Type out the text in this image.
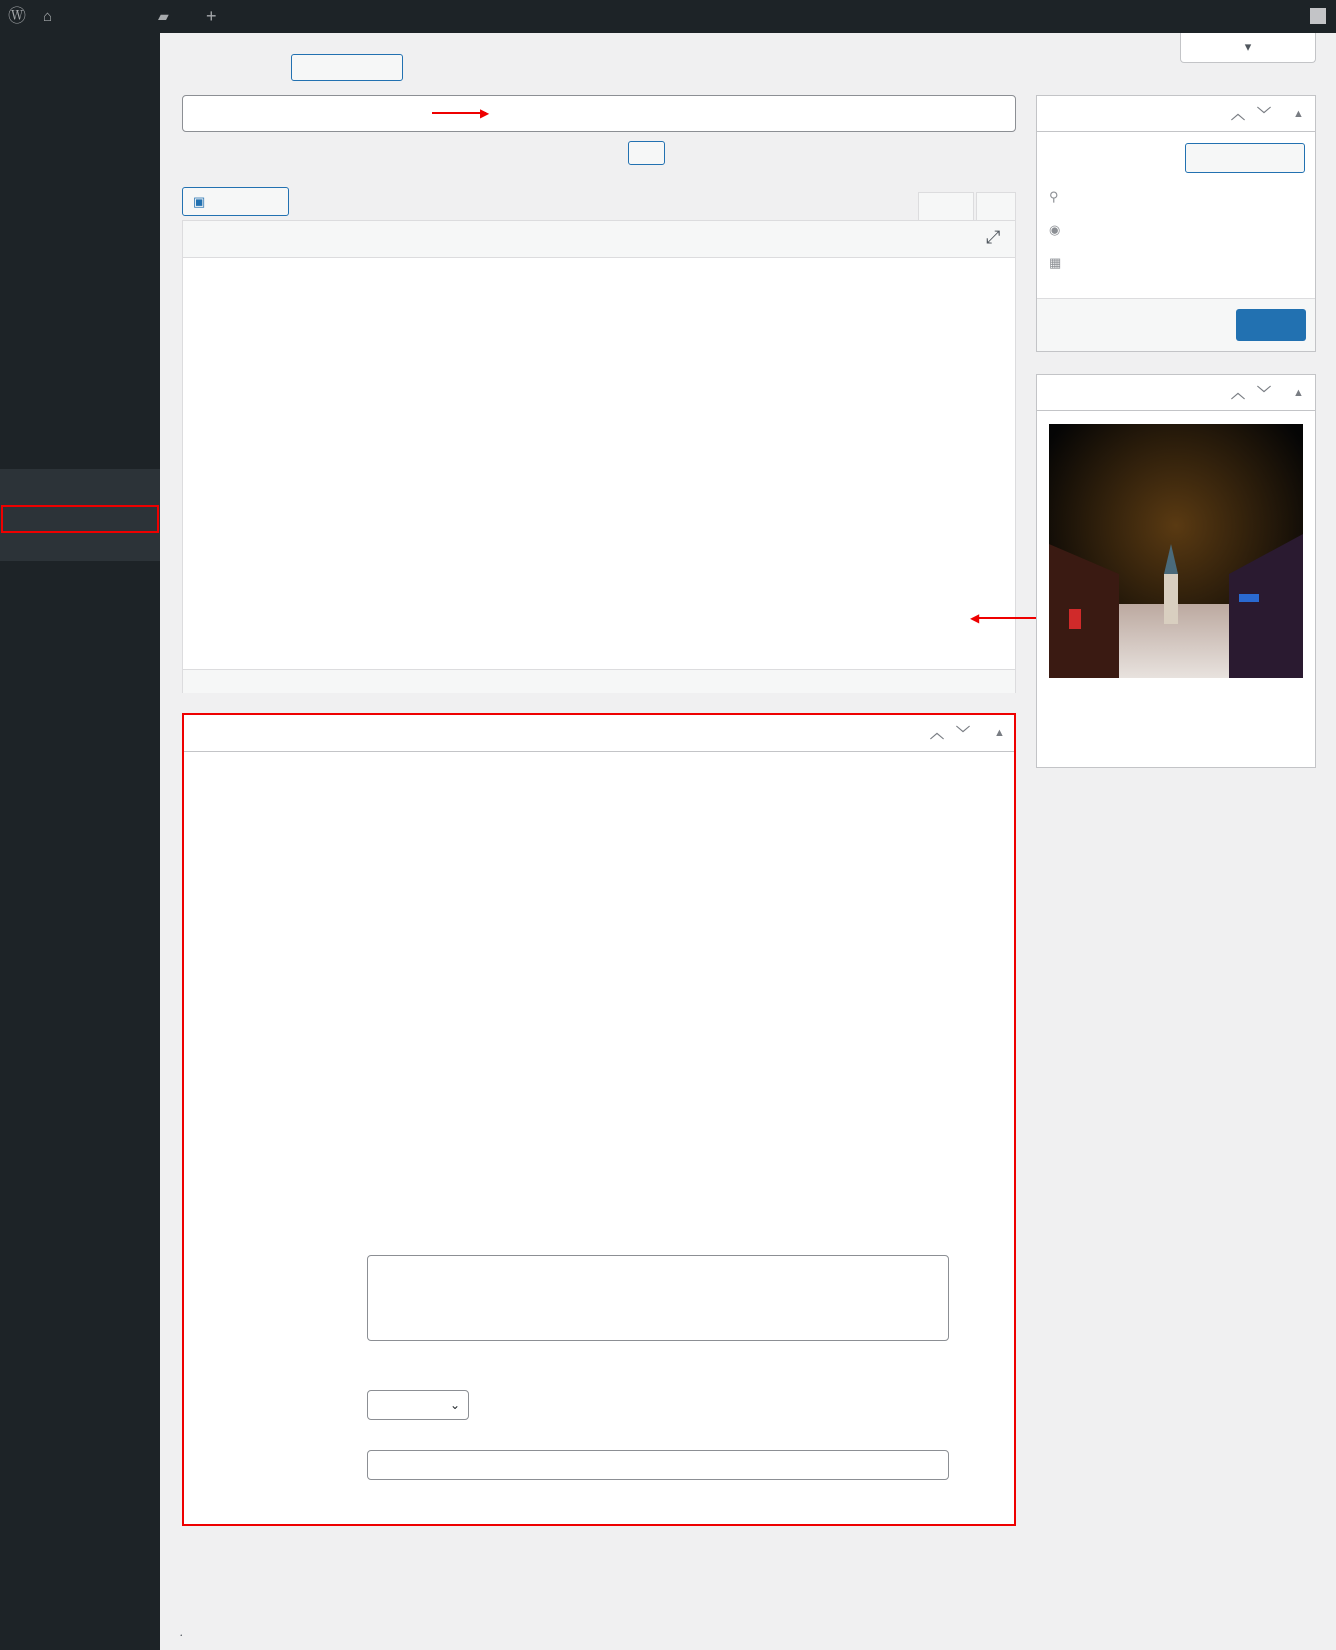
Ⓦ ⌂	▰ +
▾
▶
▣
⤢
◀
︿ ﹀ ▲
⌄
︿ ﹀ ▲
⚲
◉
▦
︿ ﹀ ▲
.
